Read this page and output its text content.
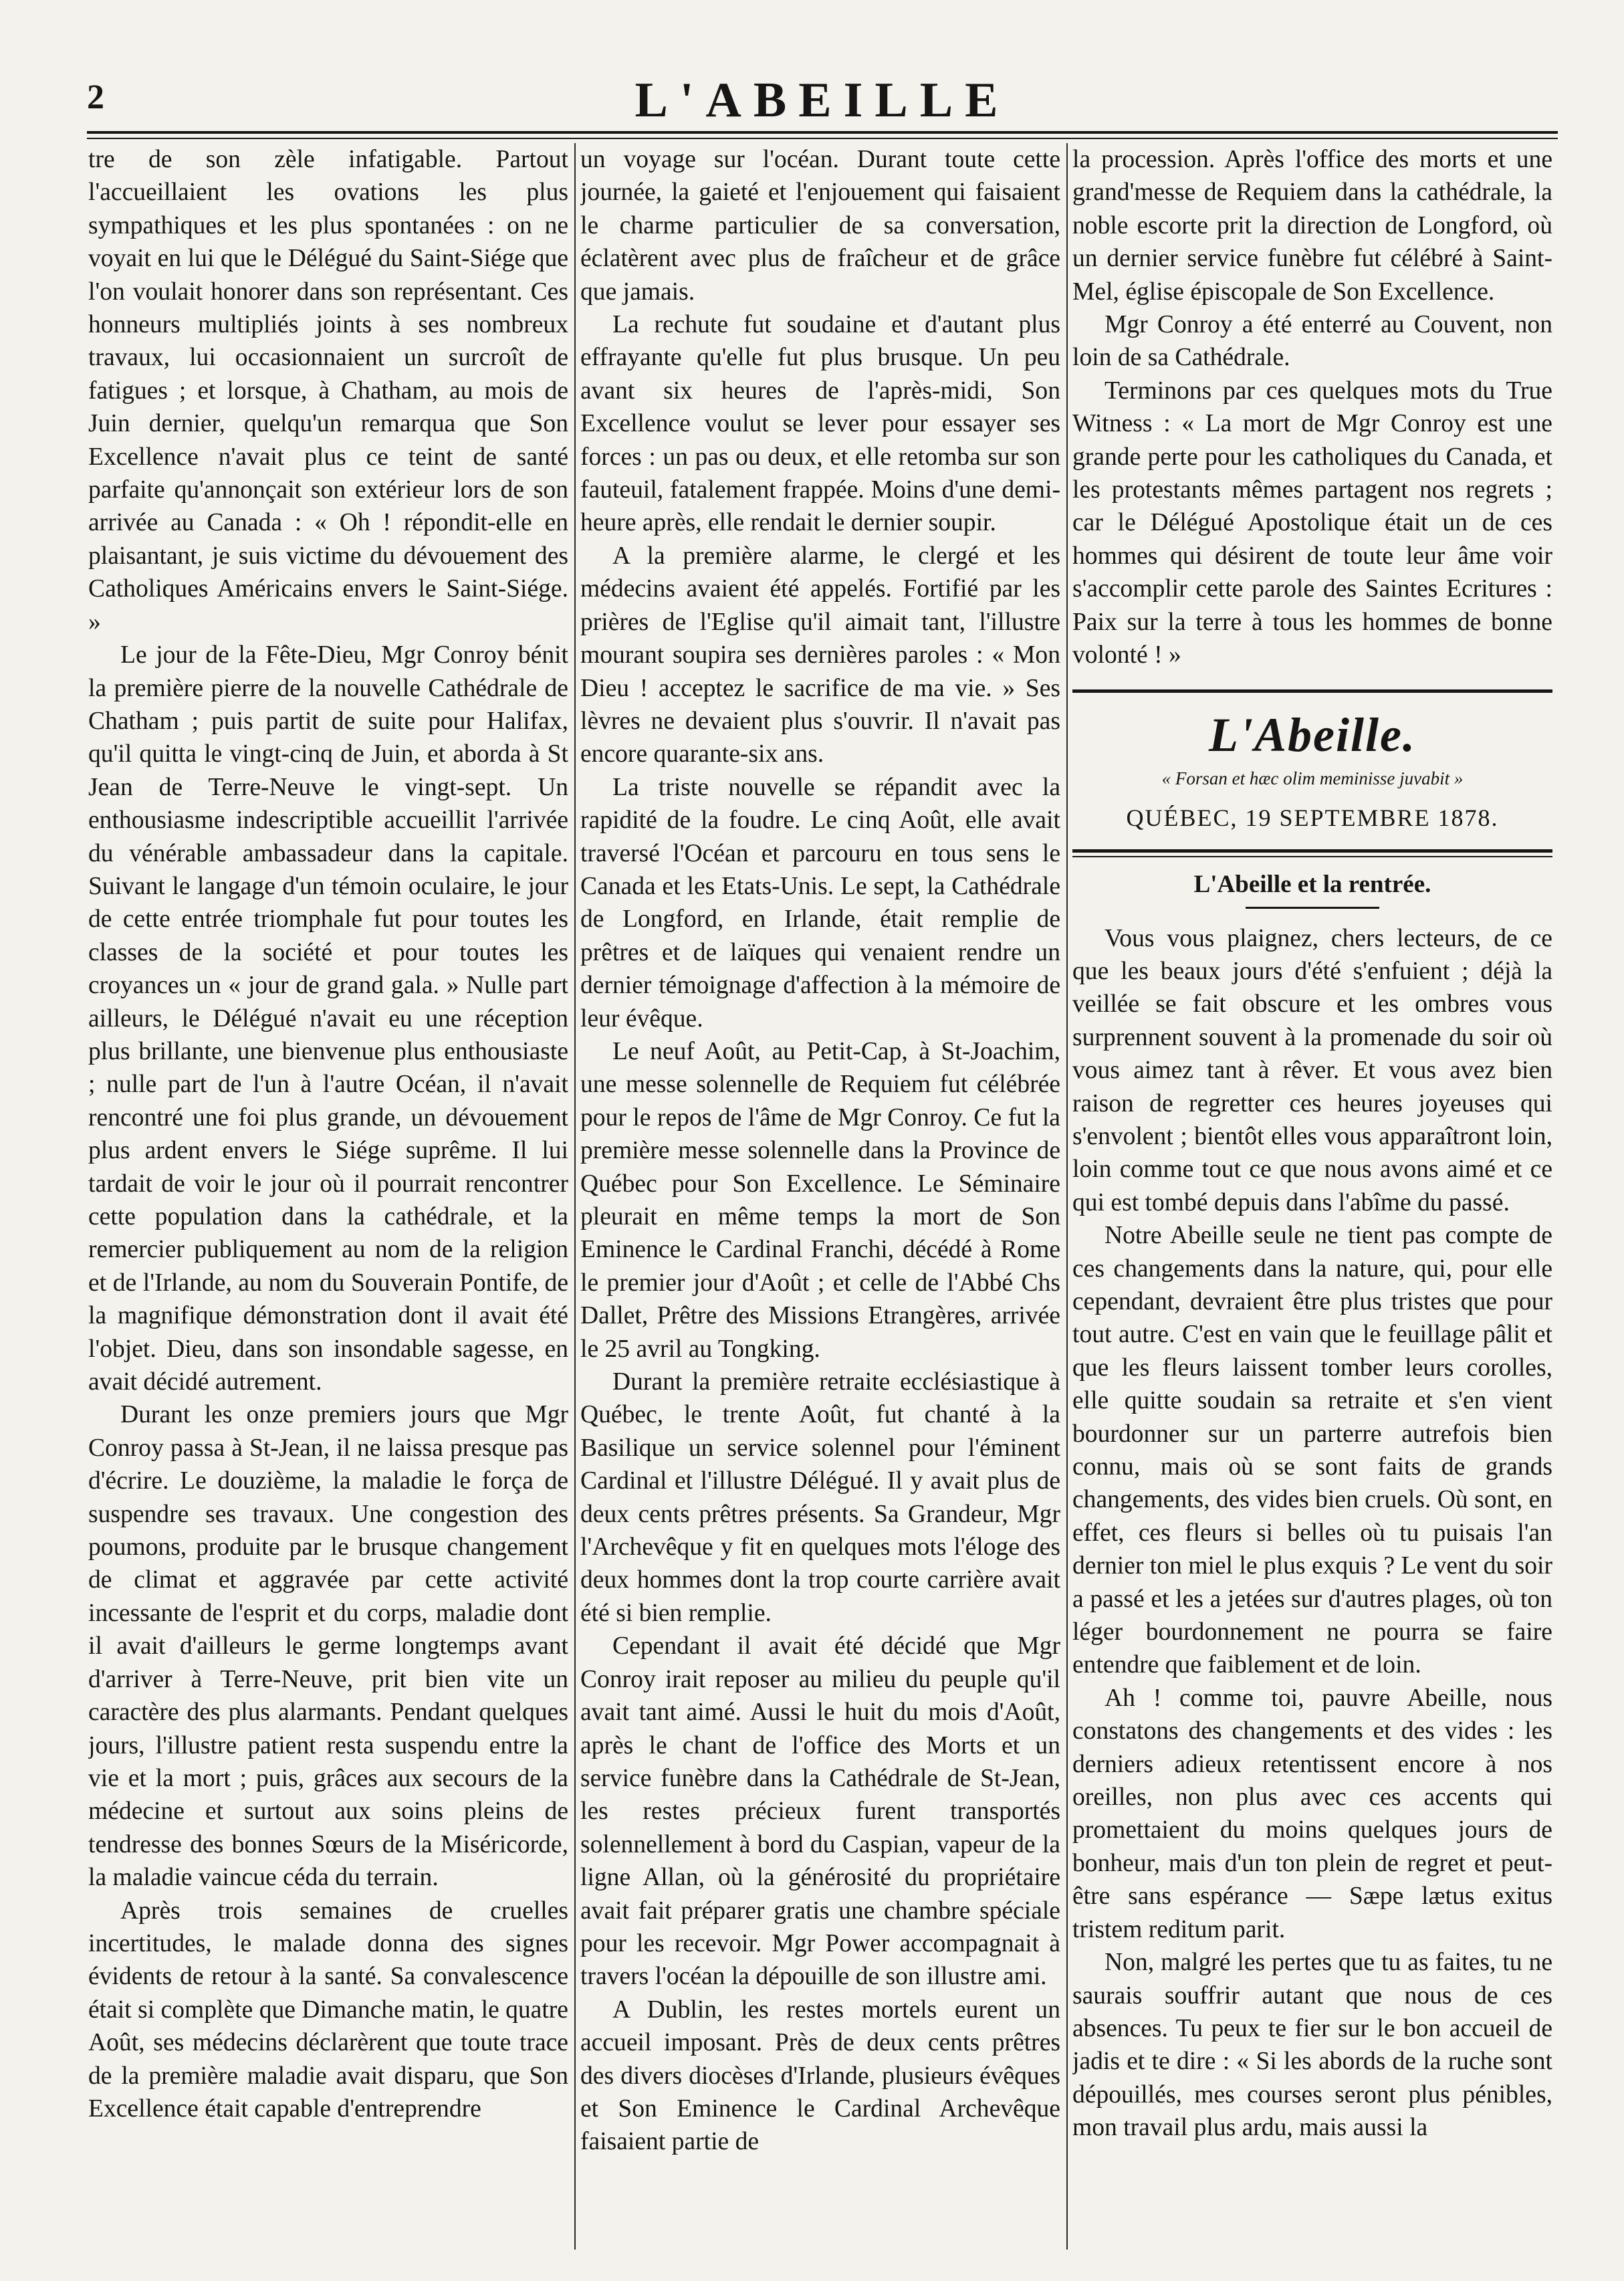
2	L'ABEILLE

tre de son zèle infatigable. Partout l'accueillaient les ovations les plus sympathiques et les plus spontanées : on ne voyait en lui que le Délégué du Saint-Siége que l'on voulait honorer dans son représentant. Ces honneurs multipliés joints à ses nombreux travaux, lui occasionnaient un surcroît de fatigues ; et lorsque, à Chatham, au mois de Juin dernier, quelqu'un remarqua que Son Excellence n'avait plus ce teint de santé parfaite qu'annonçait son extérieur lors de son arrivée au Canada : « Oh ! répondit-elle en plaisantant, je suis victime du dévouement des Catholiques Américains envers le Saint-Siége. »

Le jour de la Fête-Dieu, Mgr Conroy bénit la première pierre de la nouvelle Cathédrale de Chatham ; puis partit de suite pour Halifax, qu'il quitta le vingt-cinq de Juin, et aborda à St Jean de Terre-Neuve le vingt-sept. Un enthousiasme indescriptible accueillit l'arrivée du vénérable ambassadeur dans la capitale. Suivant le langage d'un témoin oculaire, le jour de cette entrée triomphale fut pour toutes les classes de la société et pour toutes les croyances un « jour de grand gala. » Nulle part ailleurs, le Délégué n'avait eu une réception plus brillante, une bienvenue plus enthousiaste ; nulle part de l'un à l'autre Océan, il n'avait rencontré une foi plus grande, un dévouement plus ardent envers le Siége suprême. Il lui tardait de voir le jour où il pourrait rencontrer cette population dans la cathédrale, et la remercier publiquement au nom de la religion et de l'Irlande, au nom du Souverain Pontife, de la magnifique démonstration dont il avait été l'objet. Dieu, dans son insondable sagesse, en avait décidé autrement.

Durant les onze premiers jours que Mgr Conroy passa à St-Jean, il ne laissa presque pas d'écrire. Le douzième, la maladie le força de suspendre ses travaux. Une congestion des poumons, produite par le brusque changement de climat et aggravée par cette activité incessante de l'esprit et du corps, maladie dont il avait d'ailleurs le germe longtemps avant d'arriver à Terre-Neuve, prit bien vite un caractère des plus alarmants. Pendant quelques jours, l'illustre patient resta suspendu entre la vie et la mort ; puis, grâces aux secours de la médecine et surtout aux soins pleins de tendresse des bonnes Sœurs de la Miséricorde, la maladie vaincue céda du terrain.

Après trois semaines de cruelles incertitudes, le malade donna des signes évidents de retour à la santé. Sa convalescence était si complète que Dimanche matin, le quatre Août, ses médecins déclarèrent que toute trace de la première maladie avait disparu, que Son Excellence était capable d'entreprendre

un voyage sur l'océan. Durant toute cette journée, la gaieté et l'enjouement qui faisaient le charme particulier de sa conversation, éclatèrent avec plus de fraîcheur et de grâce que jamais.

La rechute fut soudaine et d'autant plus effrayante qu'elle fut plus brusque. Un peu avant six heures de l'après-midi, Son Excellence voulut se lever pour essayer ses forces : un pas ou deux, et elle retomba sur son fauteuil, fatalement frappée. Moins d'une demi-heure après, elle rendait le dernier soupir.

A la première alarme, le clergé et les médecins avaient été appelés. Fortifié par les prières de l'Eglise qu'il aimait tant, l'illustre mourant soupira ses dernières paroles : « Mon Dieu ! acceptez le sacrifice de ma vie. » Ses lèvres ne devaient plus s'ouvrir. Il n'avait pas encore quarante-six ans.

La triste nouvelle se répandit avec la rapidité de la foudre. Le cinq Août, elle avait traversé l'Océan et parcouru en tous sens le Canada et les Etats-Unis. Le sept, la Cathédrale de Longford, en Irlande, était remplie de prêtres et de laïques qui venaient rendre un dernier témoignage d'affection à la mémoire de leur évêque.

Le neuf Août, au Petit-Cap, à St-Joachim, une messe solennelle de Requiem fut célébrée pour le repos de l'âme de Mgr Conroy. Ce fut la première messe solennelle dans la Province de Québec pour Son Excellence. Le Séminaire pleurait en même temps la mort de Son Eminence le Cardinal Franchi, décédé à Rome le premier jour d'Août ; et celle de l'Abbé Chs Dallet, Prêtre des Missions Etrangères, arrivée le 25 avril au Tongking.

Durant la première retraite ecclésiastique à Québec, le trente Août, fut chanté à la Basilique un service solennel pour l'éminent Cardinal et l'illustre Délégué. Il y avait plus de deux cents prêtres présents. Sa Grandeur, Mgr l'Archevêque y fit en quelques mots l'éloge des deux hommes dont la trop courte carrière avait été si bien remplie.

Cependant il avait été décidé que Mgr Conroy irait reposer au milieu du peuple qu'il avait tant aimé. Aussi le huit du mois d'Août, après le chant de l'office des Morts et un service funèbre dans la Cathédrale de St-Jean, les restes précieux furent transportés solennellement à bord du Caspian, vapeur de la ligne Allan, où la générosité du propriétaire avait fait préparer gratis une chambre spéciale pour les recevoir. Mgr Power accompagnait à travers l'océan la dépouille de son illustre ami.

A Dublin, les restes mortels eurent un accueil imposant. Près de deux cents prêtres des divers diocèses d'Irlande, plusieurs évêques et Son Eminence le Cardinal Archevêque faisaient partie de

la procession. Après l'office des morts et une grand'messe de Requiem dans la cathédrale, la noble escorte prit la direction de Longford, où un dernier service funèbre fut célébré à Saint-Mel, église épiscopale de Son Excellence.

Mgr Conroy a été enterré au Couvent, non loin de sa Cathédrale.

Terminons par ces quelques mots du True Witness : « La mort de Mgr Conroy est une grande perte pour les catholiques du Canada, et les protestants mêmes partagent nos regrets ; car le Délégué Apostolique était un de ces hommes qui désirent de toute leur âme voir s'accomplir cette parole des Saintes Ecritures : Paix sur la terre à tous les hommes de bonne volonté ! »

L'Abeille.
« Forsan et hæc olim meminisse juvabit »
QUÉBEC, 19 SEPTEMBRE 1878.
L'Abeille et la rentrée.

Vous vous plaignez, chers lecteurs, de ce que les beaux jours d'été s'enfuient ; déjà la veillée se fait obscure et les ombres vous surprennent souvent à la promenade du soir où vous aimez tant à rêver. Et vous avez bien raison de regretter ces heures joyeuses qui s'envolent ; bientôt elles vous apparaîtront loin, loin comme tout ce que nous avons aimé et ce qui est tombé depuis dans l'abîme du passé.

Notre Abeille seule ne tient pas compte de ces changements dans la nature, qui, pour elle cependant, devraient être plus tristes que pour tout autre. C'est en vain que le feuillage pâlit et que les fleurs laissent tomber leurs corolles, elle quitte soudain sa retraite et s'en vient bourdonner sur un parterre autrefois bien connu, mais où se sont faits de grands changements, des vides bien cruels. Où sont, en effet, ces fleurs si belles où tu puisais l'an dernier ton miel le plus exquis ? Le vent du soir a passé et les a jetées sur d'autres plages, où ton léger bourdonnement ne pourra se faire entendre que faiblement et de loin.

Ah ! comme toi, pauvre Abeille, nous constatons des changements et des vides : les derniers adieux retentissent encore à nos oreilles, non plus avec ces accents qui promettaient du moins quelques jours de bonheur, mais d'un ton plein de regret et peut-être sans espérance — Sæpe lætus exitus tristem reditum parit.

Non, malgré les pertes que tu as faites, tu ne saurais souffrir autant que nous de ces absences. Tu peux te fier sur le bon accueil de jadis et te dire : « Si les abords de la ruche sont dépouillés, mes courses seront plus pénibles, mon travail plus ardu, mais aussi la
